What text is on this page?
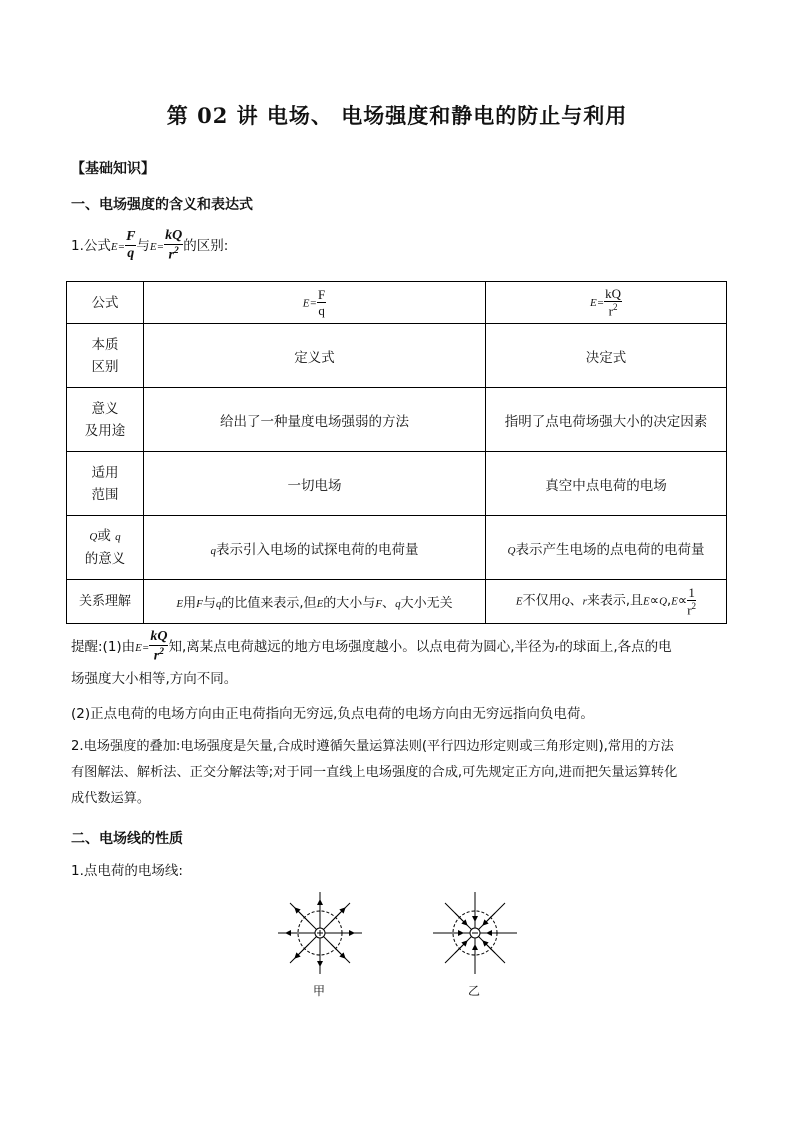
第 02 讲 电场、 电场强度和静电的防止与利用
【基础知识】
一、电场强度的含义和表达式
1.公式$E= \frac{F}{q}$ 与$E= \frac{kQ}{r^2}$ 的区别:
公式	$E= \frac{F}{q}$	$E= \frac{kQ}{r^2}$

本质
区别	定义式	决定式
意义
及用途	给出了一种量度电场强弱的方法	指明了点电荷场强大小的决定因素
适用
范围	一切电场	真空中点电荷的电场
Q或 q
的意义	q表示引入电场的试探电荷的电荷量	Q表示产生电场的点电荷的电荷量
关系理解	E用F与q的比值来表示,但E的大小与F、q大小无关	E不仅用Q、r来表示,且$E\propto Q,E\propto \frac{1}{r^2}$
提醒:(1)由$E= \frac{kQ}{r^2}$ 知,离某点电荷越远的地方电场强度越小。以点电荷为圆心,半径为r的球面上,各点的电
场强度大小相等,方向不同。
(2)正点电荷的电场方向由正电荷指向无穷远,负点电荷的电场方向由无穷远指向负电荷。
2.电场强度的叠加:电场强度是矢量,合成时遵循矢量运算法则(平行四边形定则或三角形定则),常用的方法
有图解法、解析法、正交分解法等;对于同一直线上电场强度的合成,可先规定正方向,进而把矢量运算转化
成代数运算。
二、电场线的性质
1.点电荷的电场线:
甲	乙
